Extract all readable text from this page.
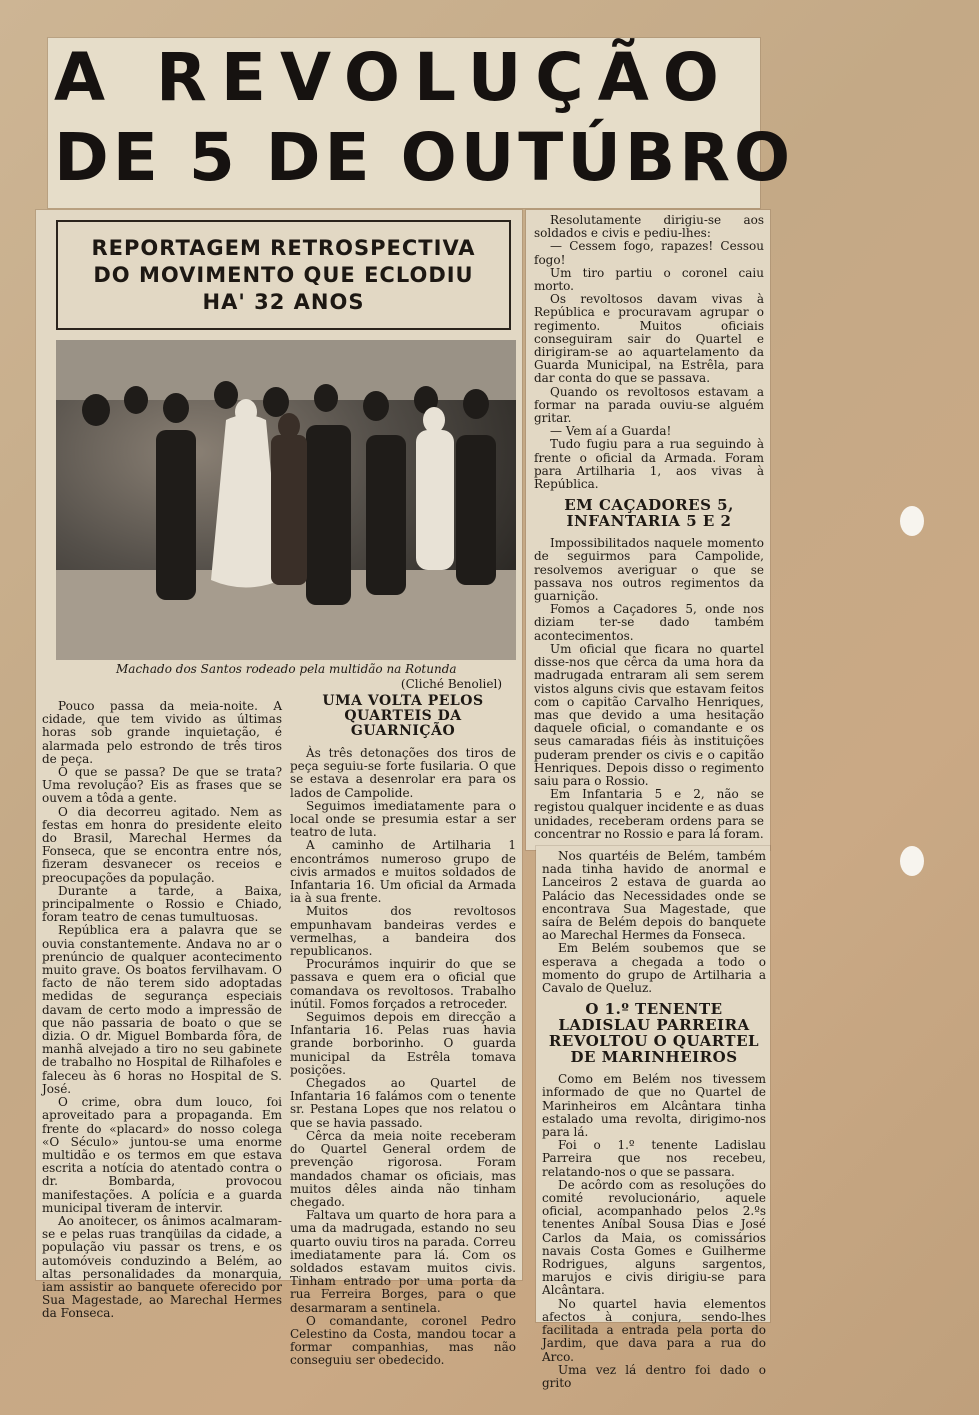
A REVOLUÇÃO
DE 5 DE OUTÚBRO
REPORTAGEM RETROSPECTIVA
DO MOVIMENTO QUE ECLODIU
HA' 32 ANOS
Machado dos Santos rodeado pela multidão na Rotunda
(Cliché Benoliel)

Pouco passa da meia-noite. A cidade, que tem vivido as últimas horas sob grande inquietação, é alarmada pelo estrondo de três tiros de peça.

O que se passa? De que se trata? Uma revolução? Eis as frases que se ouvem a tôda a gente.

O dia decorreu agitado. Nem as festas em honra do presidente eleito do Brasil, Marechal Hermes da Fonseca, que se encontra entre nós, fizeram desvanecer os receios e preocupações da população.

Durante a tarde, a Baixa, principalmente o Rossio e Chiado, foram teatro de cenas tumultuosas.

República era a palavra que se ouvia constantemente. Andava no ar o prenúncio de qualquer acontecimento muito grave. Os boatos fervilhavam. O facto de não terem sido adoptadas medidas de segurança especiais davam de certo modo a impressão de que não passaria de boato o que se dizia. O dr. Miguel Bombarda fôra, de manhã alvejado a tiro no seu gabinete de trabalho no Hospital de Rilhafoles e faleceu às 6 horas no Hospital de S. José.

O crime, obra dum louco, foi aproveitado para a propaganda. Em frente do «placard» do nosso colega «O Século» juntou-se uma enorme multidão e os termos em que estava escrita a notícia do atentado contra o dr. Bombarda, provocou manifestações. A polícia e a guarda municipal tiveram de intervir.

Ao anoitecer, os ânimos acalmaram-se e pelas ruas tranqüilas da cidade, a população viu passar os trens, e os automóveis conduzindo a Belém, ao altas personalidades da monarquia, iam assistir ao banquete oferecido por Sua Magestade, ao Marechal Hermes da Fonseca.

UMA VOLTA PELOS QUARTEIS DA GUARNIÇÃO

Às três detonações dos tiros de peça seguiu-se forte fusilaria. O que se estava a desenrolar era para os lados de Campolide.

Seguimos imediatamente para o local onde se presumia estar a ser teatro de luta.

A caminho de Artilharia 1 encontrámos numeroso grupo de civis armados e muitos soldados de Infantaria 16. Um oficial da Armada ia à sua frente.

Muitos dos revoltosos empunhavam bandeiras verdes e vermelhas, a bandeira dos republicanos.

Procurámos inquirir do que se passava e quem era o oficial que comandava os revoltosos. Trabalho inútil. Fomos forçados a retroceder.

Seguimos depois em direcção a Infantaria 16. Pelas ruas havia grande borborinho. O guarda municipal da Estrêla tomava posições.

Chegados ao Quartel de Infantaria 16 falámos com o tenente sr. Pestana Lopes que nos relatou o que se havia passado.

Cêrca da meia noite receberam do Quartel General ordem de prevenção rigorosa. Foram mandados chamar os oficiais, mas muitos dêles ainda não tinham chegado.

Faltava um quarto de hora para a uma da madrugada, estando no seu quarto ouviu tiros na parada. Correu imediatamente para lá. Com os soldados estavam muitos civis. Tinham entrado por uma porta da rua Ferreira Borges, para o que desarmaram a sentinela.

O comandante, coronel Pedro Celestino da Costa, mandou tocar a formar companhias, mas não conseguiu ser obedecido.

Resolutamente dirigiu-se aos soldados e civis e pediu-lhes:

— Cessem fogo, rapazes! Cessou fogo!

Um tiro partiu o coronel caiu morto.

Os revoltosos davam vivas à República e procuravam agrupar o regimento. Muitos oficiais conseguiram sair do Quartel e dirigiram-se ao aquartelamento da Guarda Municipal, na Estrêla, para dar conta do que se passava.

Quando os revoltosos estavam a formar na parada ouviu-se alguém gritar.

— Vem aí a Guarda!

Tudo fugiu para a rua seguindo à frente o oficial da Armada. Foram para Artilharia 1, aos vivas à República.

EM CAÇADORES 5, INFANTARIA 5 E 2

Impossibilitados naquele momento de seguirmos para Campolide, resolvemos averiguar o que se passava nos outros regimentos da guarnição.

Fomos a Caçadores 5, onde nos diziam ter-se dado também acontecimentos.

Um oficial que ficara no quartel disse-nos que cêrca da uma hora da madrugada entraram ali sem serem vistos alguns civis que estavam feitos com o capitão Carvalho Henriques, mas que devido a uma hesitação daquele oficial, o comandante e os seus camaradas fiéis às instituições puderam prender os civis e o capitão Henriques. Depois disso o regimento saiu para o Rossio.

Em Infantaria 5 e 2, não se registou qualquer incidente e as duas unidades, receberam ordens para se concentrar no Rossio e para lá foram.

Nos quartéis de Belém, também nada tinha havido de anormal e Lanceiros 2 estava de guarda ao Palácio das Necessidades onde se encontrava Sua Magestade, que saíra de Belém depois do banquete ao Marechal Hermes da Fonseca.

Em Belém soubemos que se esperava a chegada a todo o momento do grupo de Artilharia a Cavalo de Queluz.

O 1.º TENENTE LADISLAU PARREIRA REVOLTOU O QUARTEL DE MARINHEIROS

Como em Belém nos tivessem informado de que no Quartel de Marinheiros em Alcântara tinha estalado uma revolta, dirigimo-nos para lá.

Foi o 1.º tenente Ladislau Parreira que nos recebeu, relatando-nos o que se passara.

De acôrdo com as resoluções do comité revolucionário, aquele oficial, acompanhado pelos 2.ºs tenentes Aníbal Sousa Dias e José Carlos da Maia, os comissários navais Costa Gomes e Guilherme Rodrigues, alguns sargentos, marujos e civis dirigiu-se para Alcântara.

No quartel havia elementos afectos à conjura, sendo-lhes facilitada a entrada pela porta do Jardim, que dava para a rua do Arco.

Uma vez lá dentro foi dado o grito
